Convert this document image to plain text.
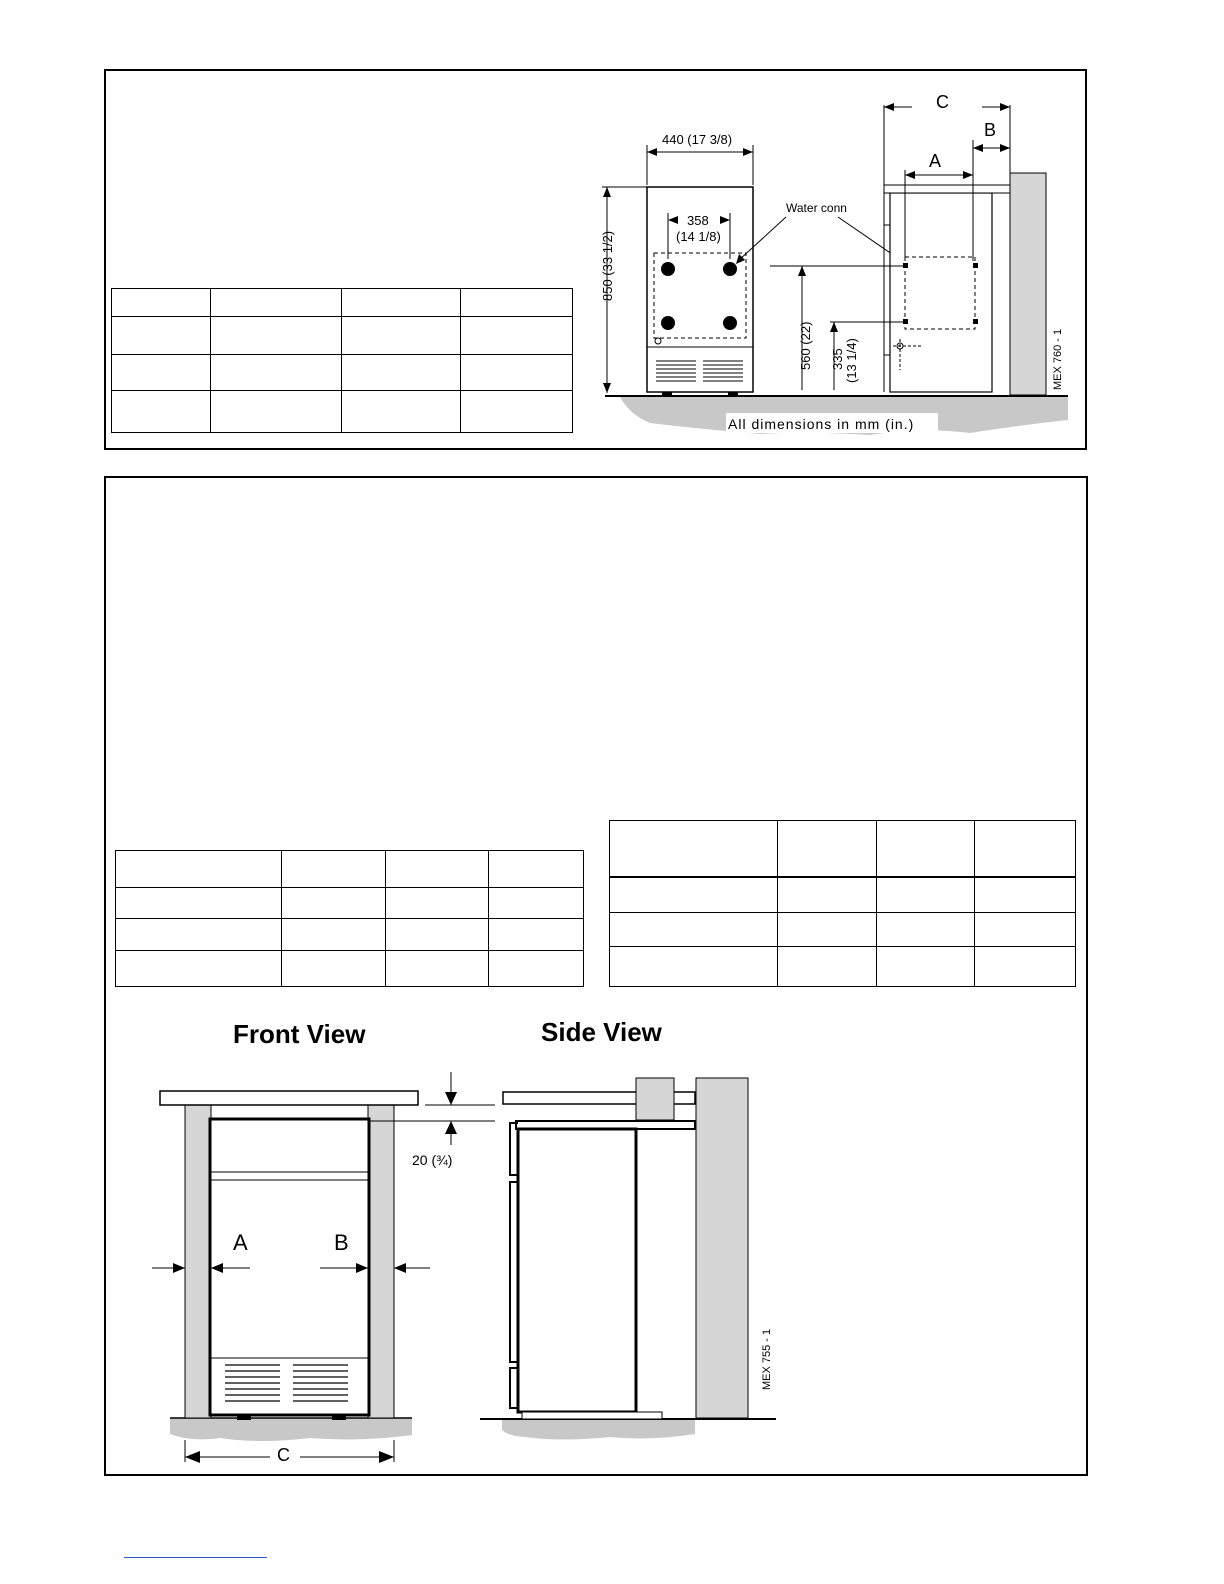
440 (17 3/8)
358
(14 1/8)
850 (33 1/2)
Water conn
560 (22) 335 (13 1/4)
C
B
A
MEX 760 - 1
All dimensions in mm (in.)

Front View	Side View
A	B
C
20 (¾)
MEX 755 - 1
